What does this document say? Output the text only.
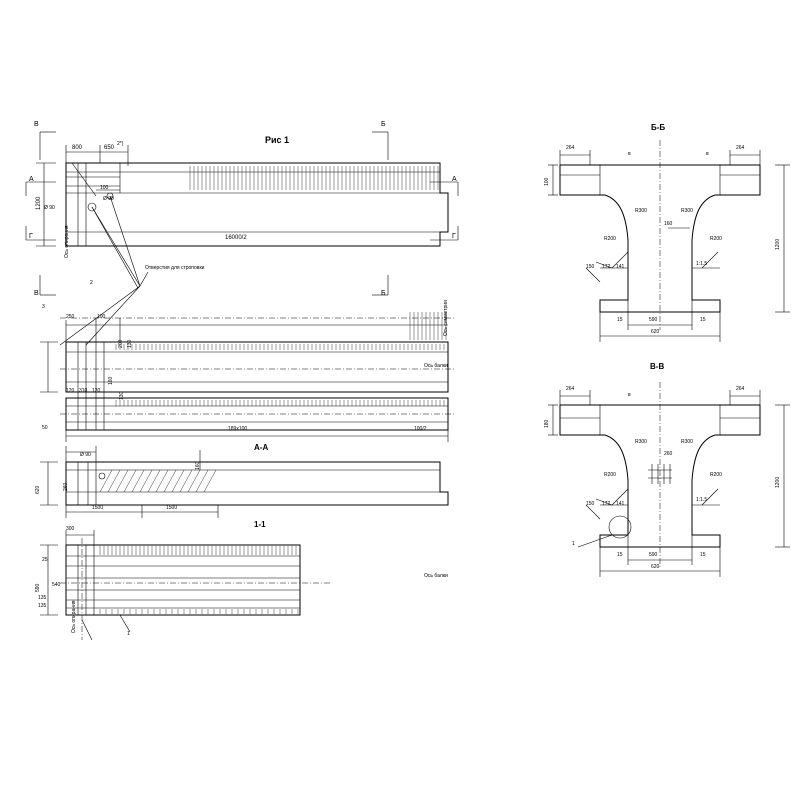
Рис 1
В	Б
А	А
Г	Г
В	Б
800	650
1200
100
16000/2
Ø 90
Ø 90
2*)
2
Отверстия для строповки
Ось симметрии
Ось балки
Ось балки
Ось опирания
Ось опирания
3
250	100
200 130
160
120 310 120
130
50	189x100	100/2
А-А
620	260
160
Ø 90
1500	1500
1-1
300
25
590
135
540
135
1
Б-Б
264	264
100
1200
160
590
15	15
620
150 172 141
R300	R300
R200	R200
1:1.5
в	в
В-В
264	264
180
1200
260
590
15	15
620
150 172 141
R300	R300
R200	R200
1:1.5
в
1
